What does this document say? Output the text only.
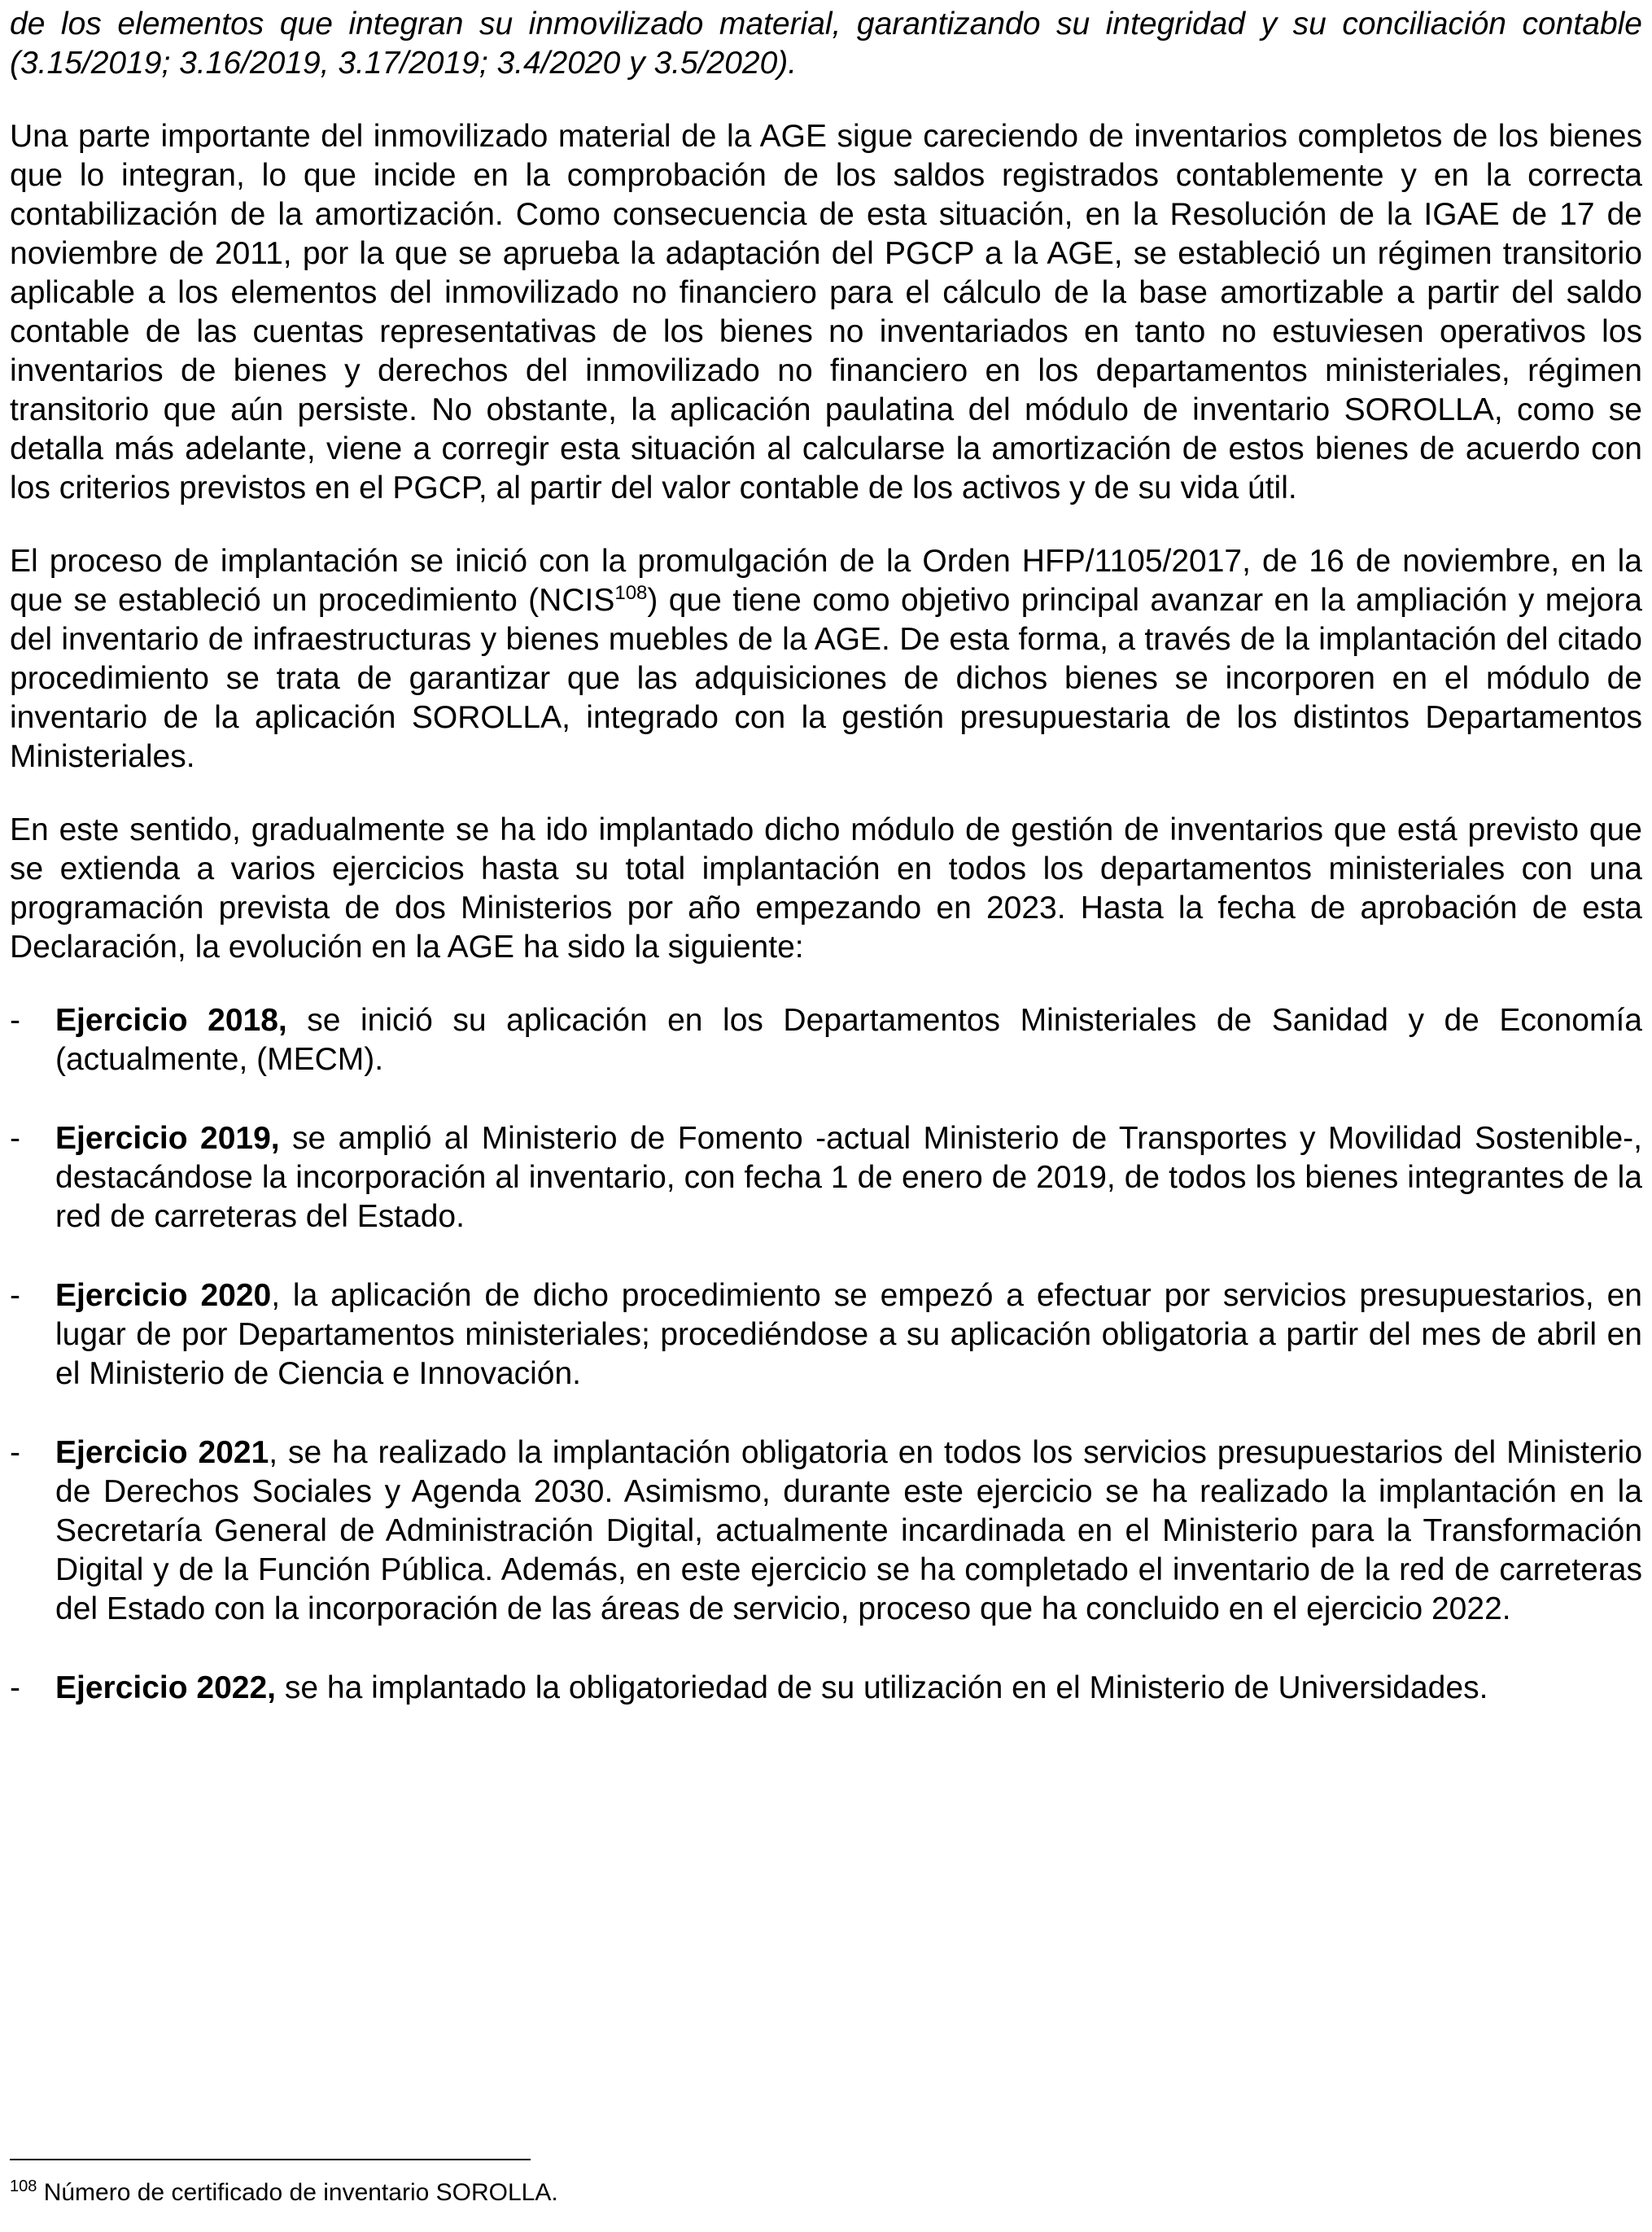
de los elementos que integran su inmovilizado material, garantizando su integridad y su conciliación contable (3.15/2019; 3.16/2019, 3.17/2019; 3.4/2020 y 3.5/2020).

Una parte importante del inmovilizado material de la AGE sigue careciendo de inventarios completos de los bienes que lo integran, lo que incide en la comprobación de los saldos registrados contablemente y en la correcta contabilización de la amortización. Como consecuencia de esta situación, en la Resolución de la IGAE de 17 de noviembre de 2011, por la que se aprueba la adaptación del PGCP a la AGE, se estableció un régimen transitorio aplicable a los elementos del inmovilizado no financiero para el cálculo de la base amortizable a partir del saldo contable de las cuentas representativas de los bienes no inventariados en tanto no estuviesen operativos los inventarios de bienes y derechos del inmovilizado no financiero en los departamentos ministeriales, régimen transitorio que aún persiste. No obstante, la aplicación paulatina del módulo de inventario SOROLLA, como se detalla más adelante, viene a corregir esta situación al calcularse la amortización de estos bienes de acuerdo con los criterios previstos en el PGCP, al partir del valor contable de los activos y de su vida útil.

El proceso de implantación se inició con la promulgación de la Orden HFP/1105/2017, de 16 de noviembre, en la que se estableció un procedimiento (NCIS$^{108}$) que tiene como objetivo principal avanzar en la ampliación y mejora del inventario de infraestructuras y bienes muebles de la AGE. De esta forma, a través de la implantación del citado procedimiento se trata de garantizar que las adquisiciones de dichos bienes se incorporen en el módulo de inventario de la aplicación SOROLLA, integrado con la gestión presupuestaria de los distintos Departamentos Ministeriales.

En este sentido, gradualmente se ha ido implantado dicho módulo de gestión de inventarios que está previsto que se extienda a varios ejercicios hasta su total implantación en todos los departamentos ministeriales con una programación prevista de dos Ministerios por año empezando en 2023. Hasta la fecha de aprobación de esta Declaración, la evolución en la AGE ha sido la siguiente:

- Ejercicio 2018, se inició su aplicación en los Departamentos Ministeriales de Sanidad y de Economía (actualmente, (MECM).
- Ejercicio 2019, se amplió al Ministerio de Fomento -actual Ministerio de Transportes y Movilidad Sostenible-, destacándose la incorporación al inventario, con fecha 1 de enero de 2019, de todos los bienes integrantes de la red de carreteras del Estado.
- Ejercicio 2020, la aplicación de dicho procedimiento se empezó a efectuar por servicios presupuestarios, en lugar de por Departamentos ministeriales; procediéndose a su aplicación obligatoria a partir del mes de abril en el Ministerio de Ciencia e Innovación.
- Ejercicio 2021, se ha realizado la implantación obligatoria en todos los servicios presupuestarios del Ministerio de Derechos Sociales y Agenda 2030. Asimismo, durante este ejercicio se ha realizado la implantación en la Secretaría General de Administración Digital, actualmente incardinada en el Ministerio para la Transformación Digital y de la Función Pública. Además, en este ejercicio se ha completado el inventario de la red de carreteras del Estado con la incorporación de las áreas de servicio, proceso que ha concluido en el ejercicio 2022.
- Ejercicio 2022, se ha implantado la obligatoriedad de su utilización en el Ministerio de Universidades.
$^{108}$ Número de certificado de inventario SOROLLA.
